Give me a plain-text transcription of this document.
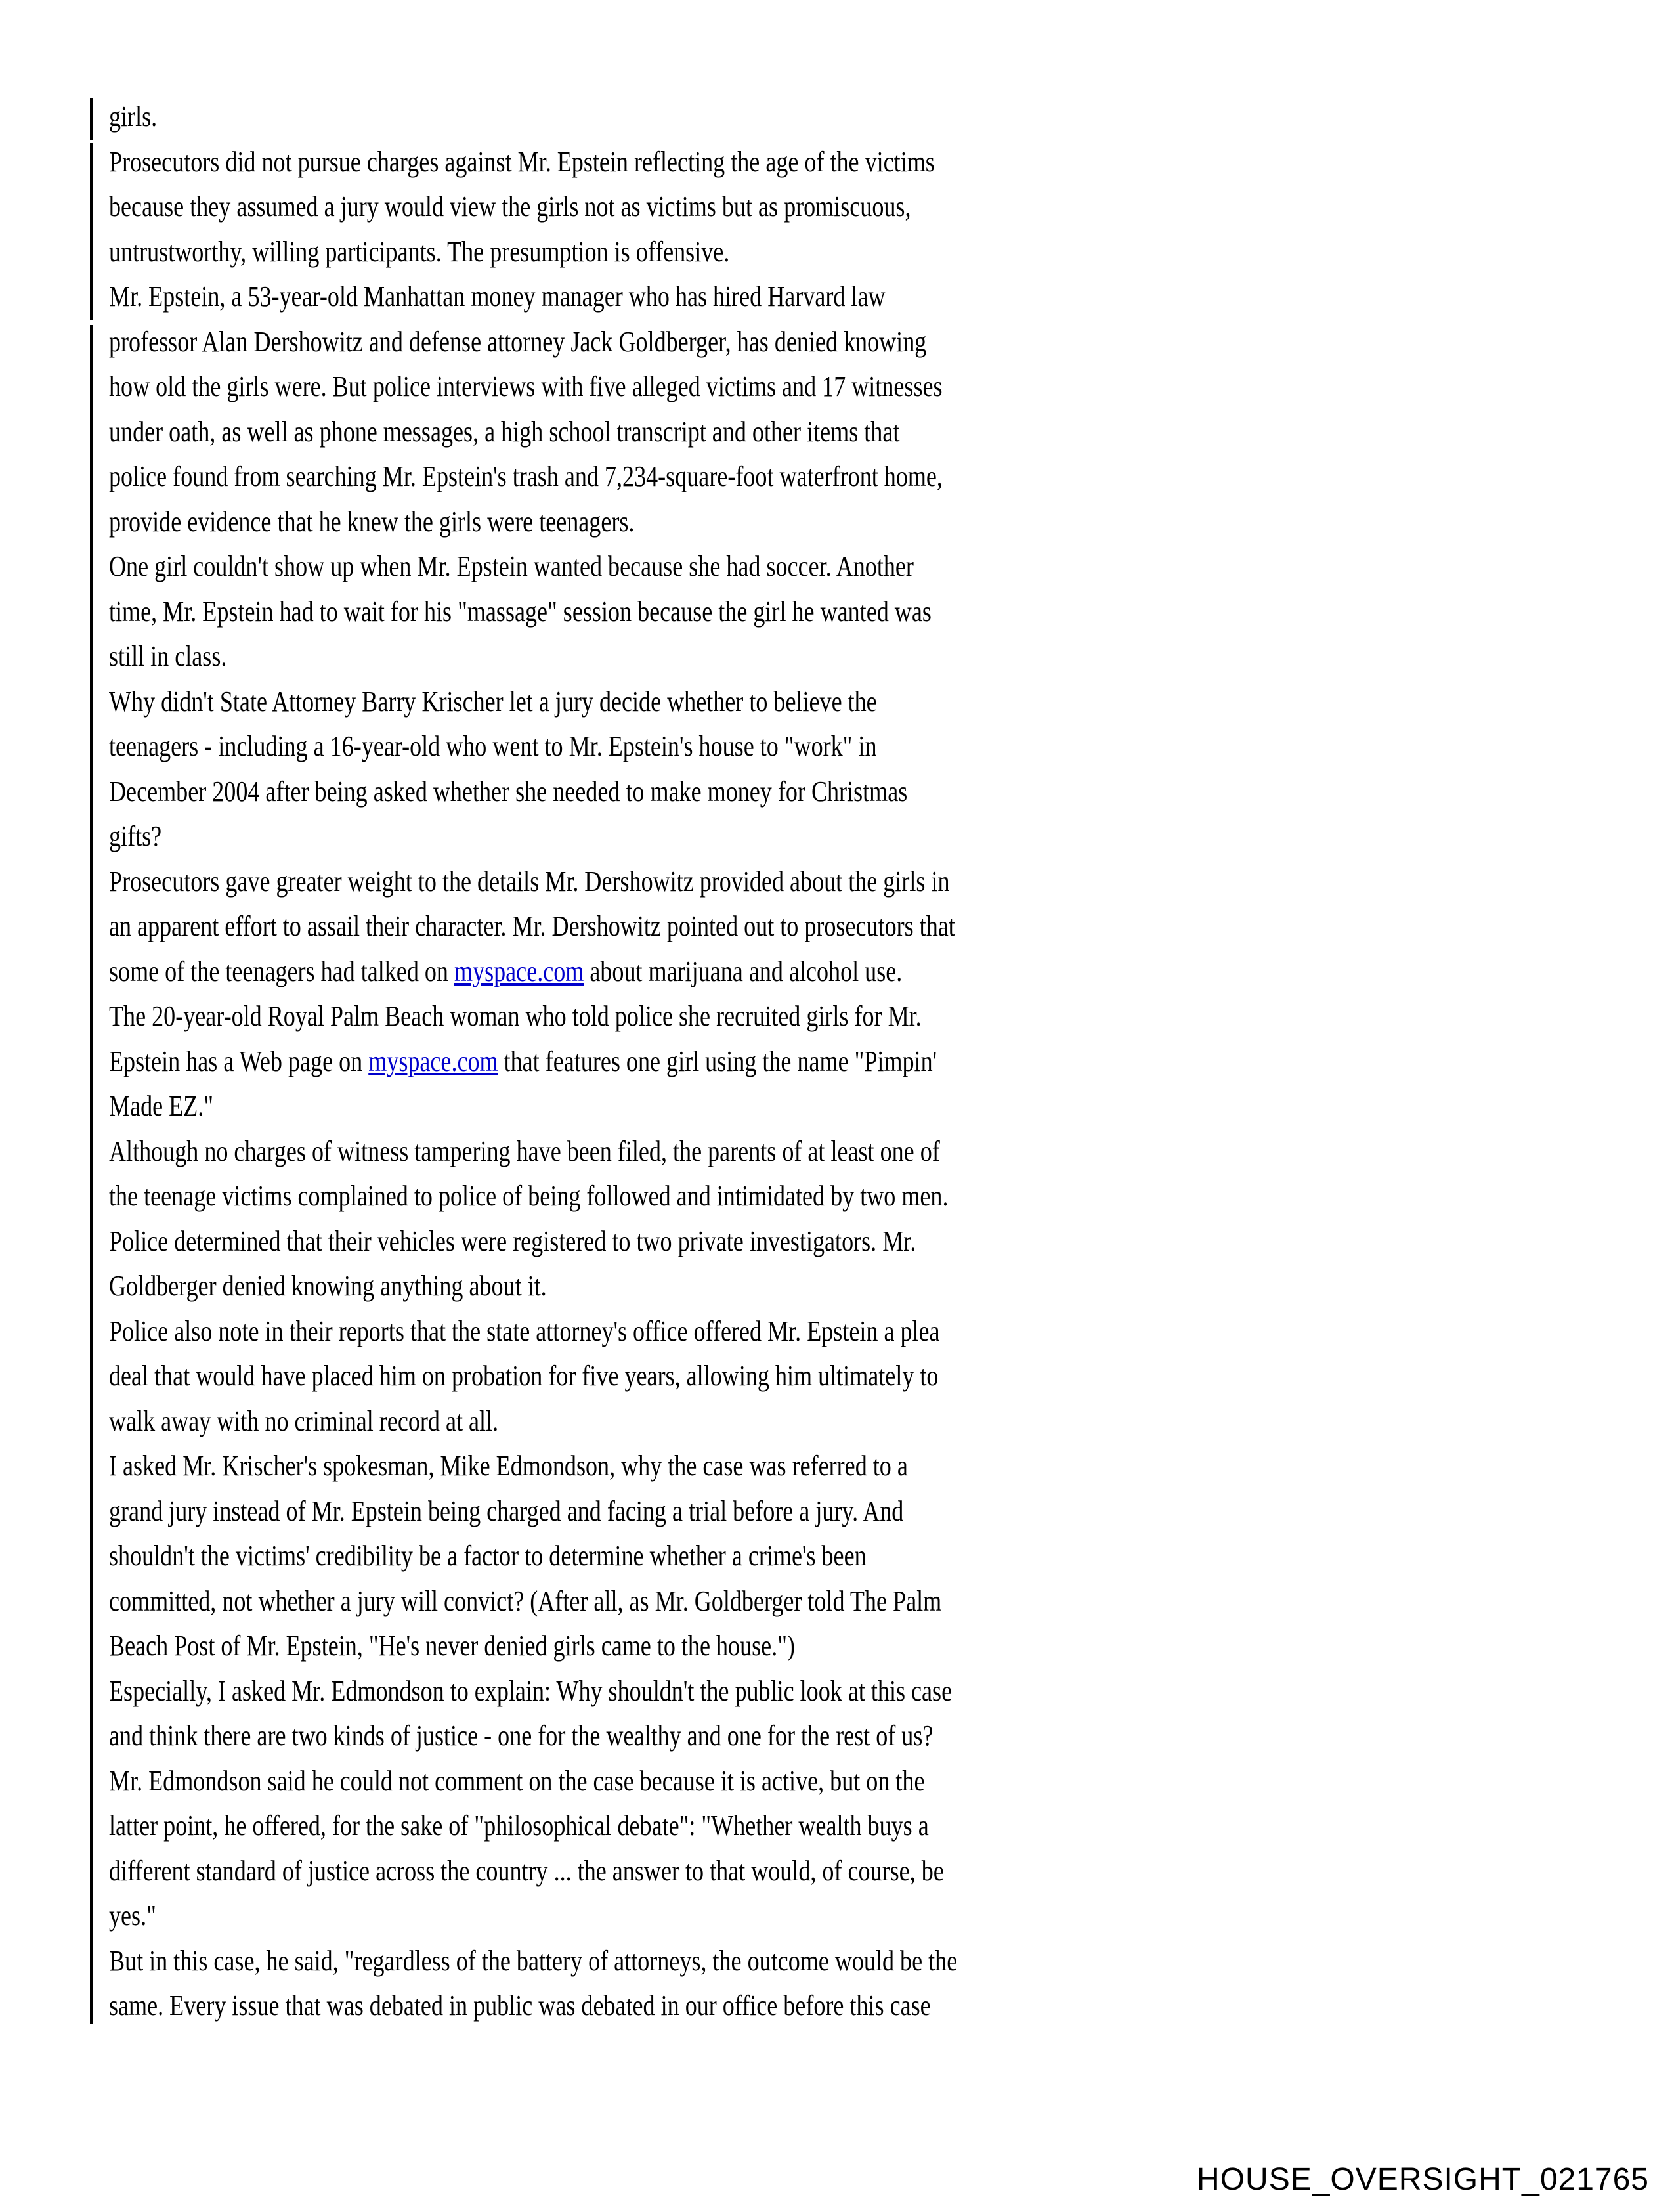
girls.
Prosecutors did not pursue charges against Mr. Epstein reflecting the age of the victims
because they assumed a jury would view the girls not as victims but as promiscuous,
untrustworthy, willing participants. The presumption is offensive.
Mr. Epstein, a 53-year-old Manhattan money manager who has hired Harvard law
professor Alan Dershowitz and defense attorney Jack Goldberger, has denied knowing
how old the girls were. But police interviews with five alleged victims and 17 witnesses
under oath, as well as phone messages, a high school transcript and other items that
police found from searching Mr. Epstein's trash and 7,234-square-foot waterfront home,
provide evidence that he knew the girls were teenagers.
One girl couldn't show up when Mr. Epstein wanted because she had soccer. Another
time, Mr. Epstein had to wait for his "massage" session because the girl he wanted was
still in class.
Why didn't State Attorney Barry Krischer let a jury decide whether to believe the
teenagers - including a 16-year-old who went to Mr. Epstein's house to "work" in
December 2004 after being asked whether she needed to make money for Christmas
gifts?
Prosecutors gave greater weight to the details Mr. Dershowitz provided about the girls in
an apparent effort to assail their character. Mr. Dershowitz pointed out to prosecutors that
some of the teenagers had talked on myspace.com about marijuana and alcohol use.
The 20-year-old Royal Palm Beach woman who told police she recruited girls for Mr.
Epstein has a Web page on myspace.com that features one girl using the name "Pimpin'
Made EZ."
Although no charges of witness tampering have been filed, the parents of at least one of
the teenage victims complained to police of being followed and intimidated by two men.
Police determined that their vehicles were registered to two private investigators. Mr.
Goldberger denied knowing anything about it.
Police also note in their reports that the state attorney's office offered Mr. Epstein a plea
deal that would have placed him on probation for five years, allowing him ultimately to
walk away with no criminal record at all.
I asked Mr. Krischer's spokesman, Mike Edmondson, why the case was referred to a
grand jury instead of Mr. Epstein being charged and facing a trial before a jury. And
shouldn't the victims' credibility be a factor to determine whether a crime's been
committed, not whether a jury will convict? (After all, as Mr. Goldberger told The Palm
Beach Post of Mr. Epstein, "He's never denied girls came to the house.")
Especially, I asked Mr. Edmondson to explain: Why shouldn't the public look at this case
and think there are two kinds of justice - one for the wealthy and one for the rest of us?
Mr. Edmondson said he could not comment on the case because it is active, but on the
latter point, he offered, for the sake of "philosophical debate": "Whether wealth buys a
different standard of justice across the country ... the answer to that would, of course, be
yes."
But in this case, he said, "regardless of the battery of attorneys, the outcome would be the
same. Every issue that was debated in public was debated in our office before this case
HOUSE_OVERSIGHT_021765
